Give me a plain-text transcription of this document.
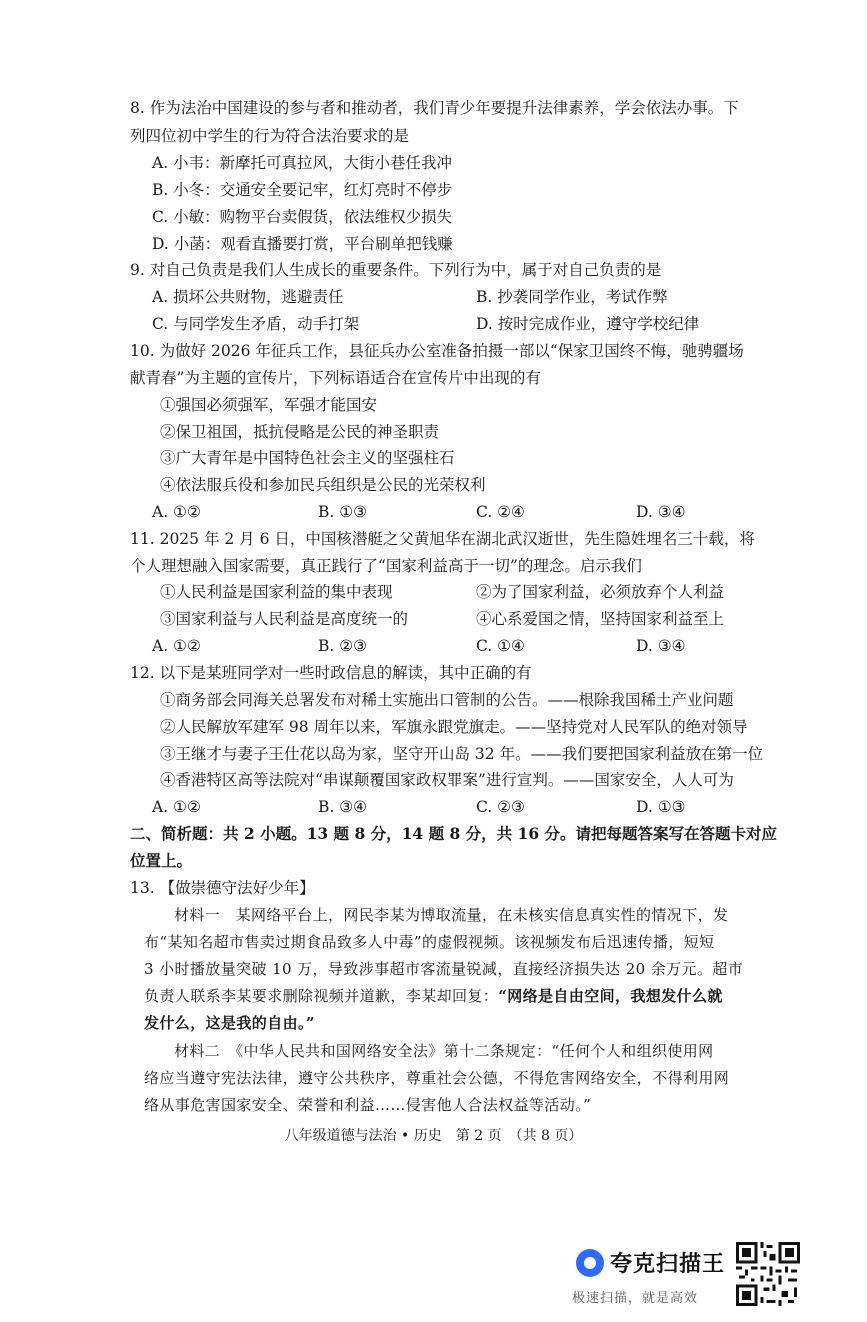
8. 作为法治中国建设的参与者和推动者，我们青少年要提升法律素养，学会依法办事。下
列四位初中学生的行为符合法治要求的是
A. 小韦：新摩托可真拉风，大街小巷任我冲
B. 小冬：交通安全要记牢，红灯亮时不停步
C. 小敏：购物平台卖假货，依法维权少损失
D. 小菡：观看直播要打赏，平台刷单把钱赚
9. 对自己负责是我们人生成长的重要条件。下列行为中，属于对自己负责的是
A. 损坏公共财物，逃避责任	B. 抄袭同学作业，考试作弊
C. 与同学发生矛盾，动手打架	D. 按时完成作业，遵守学校纪律
10. 为做好 2026 年征兵工作，县征兵办公室准备拍摄一部以“保家卫国终不悔，驰骋疆场
献青春”为主题的宣传片，下列标语适合在宣传片中出现的有
①强国必须强军，军强才能国安
②保卫祖国，抵抗侵略是公民的神圣职责
③广大青年是中国特色社会主义的坚强柱石
④依法服兵役和参加民兵组织是公民的光荣权利
A. ①②	B. ①③	C. ②④	D. ③④
11. 2025 年 2 月 6 日，中国核潜艇之父黄旭华在湖北武汉逝世，先生隐姓埋名三十载，将
个人理想融入国家需要，真正践行了“国家利益高于一切”的理念。启示我们
①人民利益是国家利益的集中表现	②为了国家利益，必须放弃个人利益
③国家利益与人民利益是高度统一的	④心系爱国之情，坚持国家利益至上
A. ①②	B. ②③	C. ①④	D. ③④
12. 以下是某班同学对一些时政信息的解读，其中正确的有
①商务部会同海关总署发布对稀土实施出口管制的公告。——根除我国稀土产业问题
②人民解放军建军 98 周年以来，军旗永跟党旗走。——坚持党对人民军队的绝对领导
③王继才与妻子王仕花以岛为家，坚守开山岛 32 年。——我们要把国家利益放在第一位
④香港特区高等法院对“串谋颠覆国家政权罪案”进行宣判。——国家安全，人人可为
A. ①②	B. ③④	C. ②③	D. ①③
二、简析题：共 2 小题。13 题 8 分，14 题 8 分，共 16 分。请把每题答案写在答题卡对应
位置上。
13. 【做崇德守法好少年】
材料一　某网络平台上，网民李某为博取流量，在未核实信息真实性的情况下，发
布“某知名超市售卖过期食品致多人中毒”的虚假视频。该视频发布后迅速传播，短短
3 小时播放量突破 10 万，导致涉事超市客流量锐减，直接经济损失达 20 余万元。超市
负责人联系李某要求删除视频并道歉，李某却回复：“网络是自由空间，我想发什么就
发什么，这是我的自由。”
材料二　《中华人民共和国网络安全法》第十二条规定：“任何个人和组织使用网
络应当遵守宪法法律，遵守公共秩序，尊重社会公德，不得危害网络安全，不得利用网
络从事危害国家安全、荣誉和利益……侵害他人合法权益等活动。”
八年级道德与法治 • 历史　第 2 页　（共 8 页）
夸克扫描王
极速扫描，就是高效
